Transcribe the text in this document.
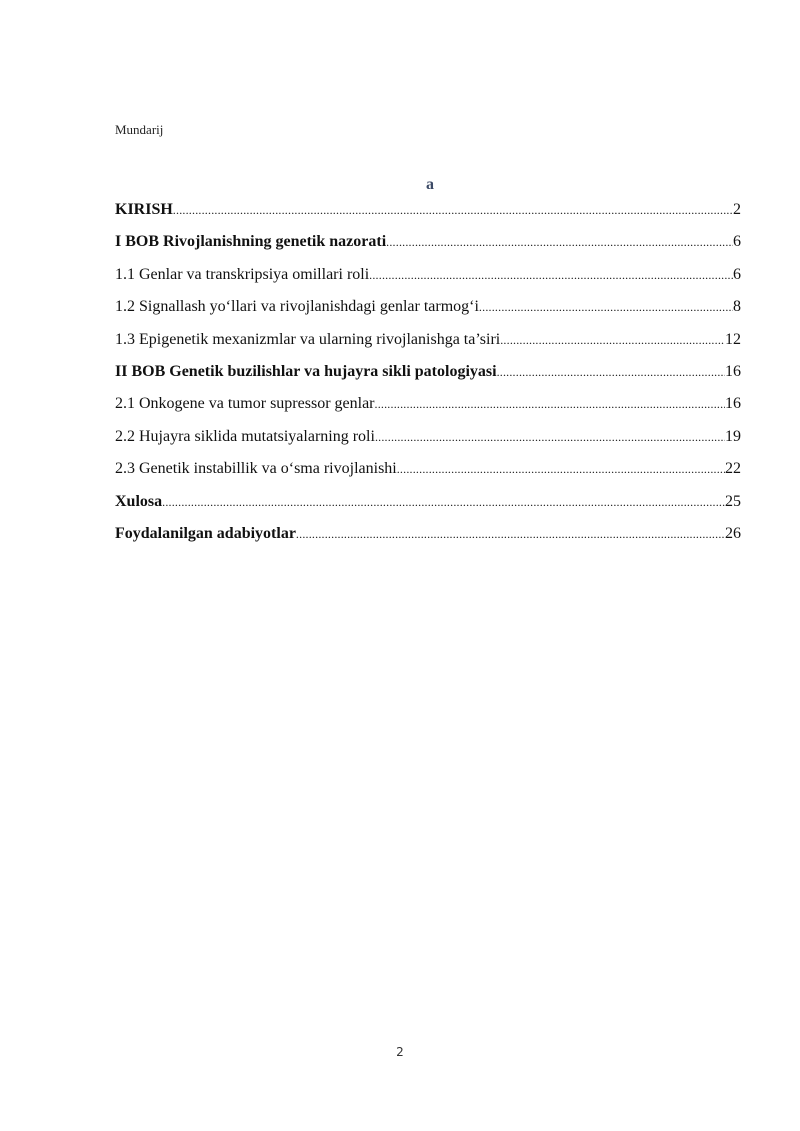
Mundarij
a
KIRISH .....	2
I BOB Rivojlanishning genetik nazorati .....	6
1.1 Genlar va transkripsiya omillari roli .....	6
1.2 Signallash yo‘llari va rivojlanishdagi genlar tarmog‘i .....	8
1.3 Epigenetik mexanizmlar va ularning rivojlanishga ta’siri .....	12
II BOB Genetik buzilishlar va hujayra sikli patologiyasi .....	16
2.1 Onkogene va tumor supressor genlar .....	16
2.2 Hujayra siklida mutatsiyalarning roli .....	19
2.3 Genetik instabillik va o‘sma rivojlanishi .....	22
Xulosa .....	25
Foydalanilgan adabiyotlar .....	26
2
